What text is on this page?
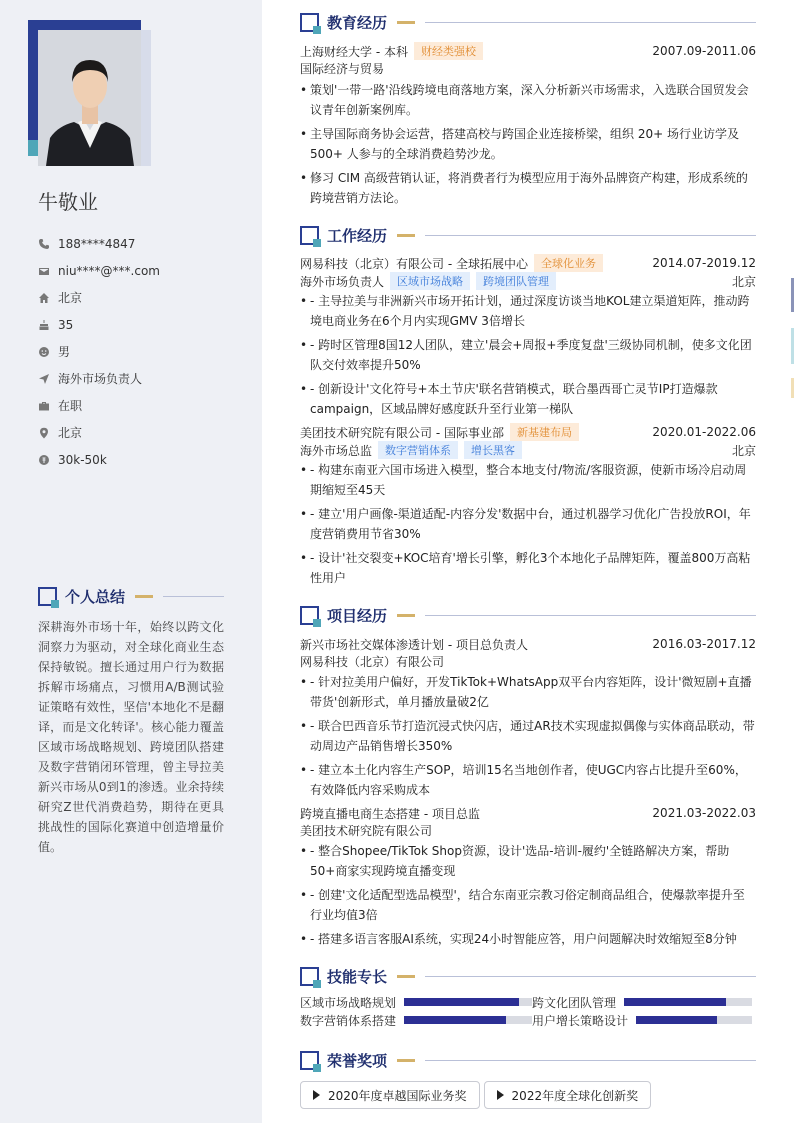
牛敬业
188****4847
niu****@***.com
北京
35
男
海外市场负责人
在职
北京
30k-50k
个人总结
深耕海外市场十年，始终以跨文化洞察力为驱动，对全球化商业生态保持敏锐。擅长通过用户行为数据拆解市场痛点，习惯用A/B测试验证策略有效性，坚信'本地化不是翻译，而是文化转译'。核心能力覆盖区域市场战略规划、跨境团队搭建及数字营销闭环管理，曾主导拉美新兴市场从0到1的渗透。业余持续研究Z世代消费趋势，期待在更具挑战性的国际化赛道中创造增量价值。
教育经历
上海财经大学 - 本科	财经类强校	2007.09-2011.06
国际经济与贸易
• 策划'一带一路'沿线跨境电商落地方案，深入分析新兴市场需求，入选联合国贸发会议青年创新案例库。
• 主导国际商务协会运营，搭建高校与跨国企业连接桥梁，组织 20+ 场行业访学及 500+ 人参与的全球消费趋势沙龙。
• 修习 CIM 高级营销认证，将消费者行为模型应用于海外品牌资产构建，形成系统的跨境营销方法论。
工作经历
网易科技（北京）有限公司 - 全球拓展中心	全球化业务	2014.07-2019.12
海外市场负责人	区域市场战略	跨境团队管理	北京
• - 主导拉美与非洲新兴市场开拓计划，通过深度访谈当地KOL建立渠道矩阵，推动跨境电商业务在6个月内实现GMV 3倍增长
• - 跨时区管理8国12人团队，建立'晨会+周报+季度复盘'三级协同机制，使多文化团队交付效率提升50%
• - 创新设计'文化符号+本土节庆'联名营销模式，联合墨西哥亡灵节IP打造爆款campaign，区域品牌好感度跃升至行业第一梯队
美团技术研究院有限公司 - 国际事业部	新基建布局	2020.01-2022.06
海外市场总监	数字营销体系	增长黑客	北京
• - 构建东南亚六国市场进入模型，整合本地支付/物流/客服资源，使新市场冷启动周期缩短至45天
• - 建立'用户画像-渠道适配-内容分发'数据中台，通过机器学习优化广告投放ROI，年度营销费用节省30%
• - 设计'社交裂变+KOC培育'增长引擎，孵化3个本地化子品牌矩阵，覆盖800万高粘性用户
项目经历
新兴市场社交媒体渗透计划 - 项目总负责人	2016.03-2017.12
网易科技（北京）有限公司
• - 针对拉美用户偏好，开发TikTok+WhatsApp双平台内容矩阵，设计'微短剧+直播带货'创新形式，单月播放量破2亿
• - 联合巴西音乐节打造沉浸式快闪店，通过AR技术实现虚拟偶像与实体商品联动，带动周边产品销售增长350%
• - 建立本土化内容生产SOP，培训15名当地创作者，使UGC内容占比提升至60%，有效降低内容采购成本
跨境直播电商生态搭建 - 项目总监	2021.03-2022.03
美团技术研究院有限公司
• - 整合Shopee/TikTok Shop资源，设计'选品-培训-履约'全链路解决方案，帮助50+商家实现跨境直播变现
• - 创建'文化适配型选品模型'，结合东南亚宗教习俗定制商品组合，使爆款率提升至行业均值3倍
• - 搭建多语言客服AI系统，实现24小时智能应答，用户问题解决时效缩短至8分钟
技能专长
区域市场战略规划	跨文化团队管理
数字营销体系搭建	用户增长策略设计
荣誉奖项
2020年度卓越国际业务奖	2022年度全球化创新奖
